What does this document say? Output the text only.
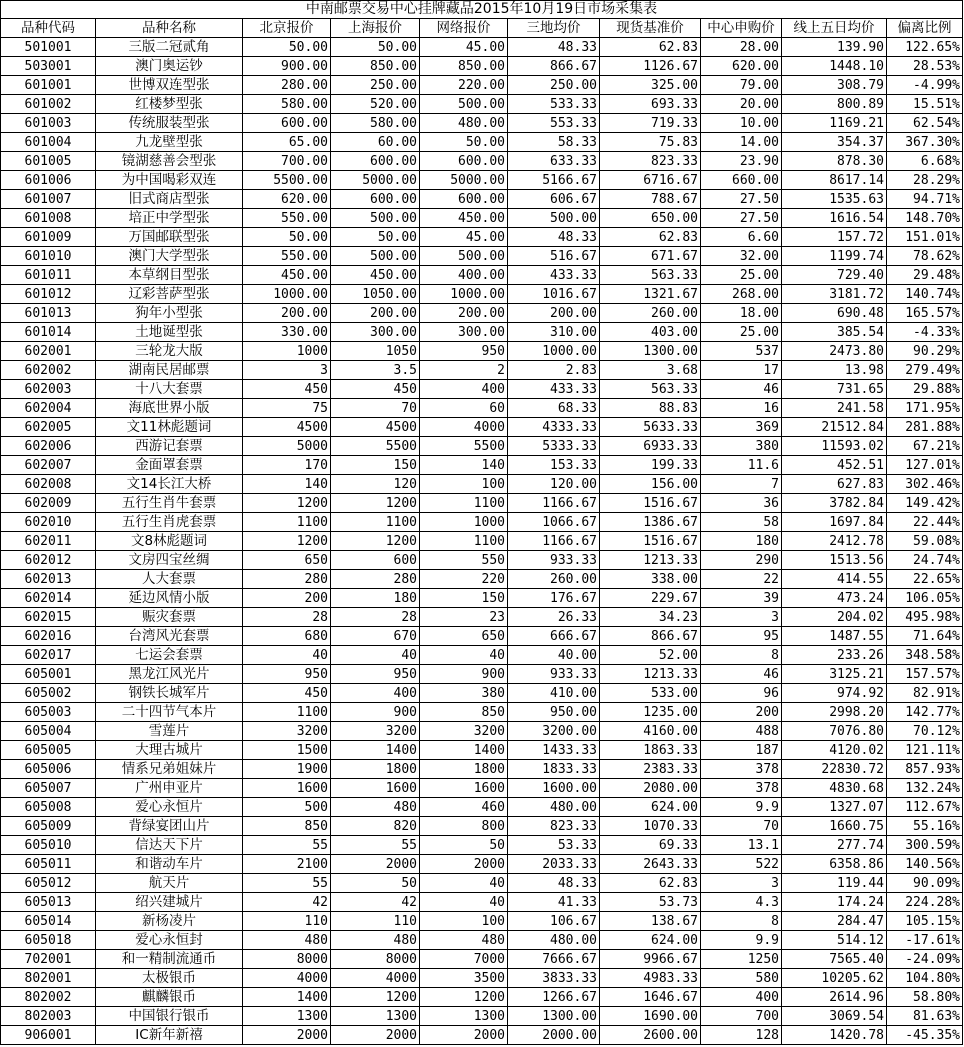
中南邮票交易中心挂牌藏品2015年10月19日市场采集表									
品种代码	品种名称	北京报价	上海报价	网络报价	三地均价	现货基准价	中心申购价	线上五日均价	偏离比例
501001	三版二冠贰角	50.00	50.00	45.00	48.33	62.83	28.00	139.90	122.65%
503001	澳门奥运钞	900.00	850.00	850.00	866.67	1126.67	620.00	1448.10	28.53%
601001	世博双连型张	280.00	250.00	220.00	250.00	325.00	79.00	308.79	-4.99%
601002	红楼梦型张	580.00	520.00	500.00	533.33	693.33	20.00	800.89	15.51%
601003	传统服装型张	600.00	580.00	480.00	553.33	719.33	10.00	1169.21	62.54%
601004	九龙壁型张	65.00	60.00	50.00	58.33	75.83	14.00	354.37	367.30%
601005	镜湖慈善会型张	700.00	600.00	600.00	633.33	823.33	23.90	878.30	6.68%
601006	为中国喝彩双连	5500.00	5000.00	5000.00	5166.67	6716.67	660.00	8617.14	28.29%
601007	旧式商店型张	620.00	600.00	600.00	606.67	788.67	27.50	1535.63	94.71%
601008	培正中学型张	550.00	500.00	450.00	500.00	650.00	27.50	1616.54	148.70%
601009	万国邮联型张	50.00	50.00	45.00	48.33	62.83	6.60	157.72	151.01%
601010	澳门大学型张	550.00	500.00	500.00	516.67	671.67	32.00	1199.74	78.62%
601011	本草纲目型张	450.00	450.00	400.00	433.33	563.33	25.00	729.40	29.48%
601012	辽彩菩萨型张	1000.00	1050.00	1000.00	1016.67	1321.67	268.00	3181.72	140.74%
601013	狗年小型张	200.00	200.00	200.00	200.00	260.00	18.00	690.48	165.57%
601014	土地诞型张	330.00	300.00	300.00	310.00	403.00	25.00	385.54	-4.33%
602001	三轮龙大版	1000	1050	950	1000.00	1300.00	537	2473.80	90.29%
602002	湖南民居邮票	3	3.5	2	2.83	3.68	17	13.98	279.49%
602003	十八大套票	450	450	400	433.33	563.33	46	731.65	29.88%
602004	海底世界小版	75	70	60	68.33	88.83	16	241.58	171.95%
602005	文11林彪题词	4500	4500	4000	4333.33	5633.33	369	21512.84	281.88%
602006	西游记套票	5000	5500	5500	5333.33	6933.33	380	11593.02	67.21%
602007	金面罩套票	170	150	140	153.33	199.33	11.6	452.51	127.01%
602008	文14长江大桥	140	120	100	120.00	156.00	7	627.83	302.46%
602009	五行生肖牛套票	1200	1200	1100	1166.67	1516.67	36	3782.84	149.42%
602010	五行生肖虎套票	1100	1100	1000	1066.67	1386.67	58	1697.84	22.44%
602011	文8林彪题词	1200	1200	1100	1166.67	1516.67	180	2412.78	59.08%
602012	文房四宝丝绸	650	600	550	933.33	1213.33	290	1513.56	24.74%
602013	人大套票	280	280	220	260.00	338.00	22	414.55	22.65%
602014	延边风情小版	200	180	150	176.67	229.67	39	473.24	106.05%
602015	赈灾套票	28	28	23	26.33	34.23	3	204.02	495.98%
602016	台湾风光套票	680	670	650	666.67	866.67	95	1487.55	71.64%
602017	七运会套票	40	40	40	40.00	52.00	8	233.26	348.58%
605001	黑龙江风光片	950	950	900	933.33	1213.33	46	3125.21	157.57%
605002	钢铁长城军片	450	400	380	410.00	533.00	96	974.92	82.91%
605003	二十四节气本片	1100	900	850	950.00	1235.00	200	2998.20	142.77%
605004	雪莲片	3200	3200	3200	3200.00	4160.00	488	7076.80	70.12%
605005	大理古城片	1500	1400	1400	1433.33	1863.33	187	4120.02	121.11%
605006	情系兄弟姐妹片	1900	1800	1800	1833.33	2383.33	378	22830.72	857.93%
605007	广州申亚片	1600	1600	1600	1600.00	2080.00	378	4830.68	132.24%
605008	爱心永恒片	500	480	460	480.00	624.00	9.9	1327.07	112.67%
605009	背绿宴团山片	850	820	800	823.33	1070.33	70	1660.75	55.16%
605010	信达天下片	55	55	50	53.33	69.33	13.1	277.74	300.59%
605011	和谐动车片	2100	2000	2000	2033.33	2643.33	522	6358.86	140.56%
605012	航天片	55	50	40	48.33	62.83	3	119.44	90.09%
605013	绍兴建城片	42	42	40	41.33	53.73	4.3	174.24	224.28%
605014	新杨凌片	110	110	100	106.67	138.67	8	284.47	105.15%
605018	爱心永恒封	480	480	480	480.00	624.00	9.9	514.12	-17.61%
702001	和一精制流通币	8000	8000	7000	7666.67	9966.67	1250	7565.40	-24.09%
802001	太极银币	4000	4000	3500	3833.33	4983.33	580	10205.62	104.80%
802002	麒麟银币	1400	1200	1200	1266.67	1646.67	400	2614.96	58.80%
802003	中国银行银币	1300	1300	1300	1300.00	1690.00	700	3069.54	81.63%
906001	IC新年新禧	2000	2000	2000	2000.00	2600.00	128	1420.78	-45.35%
